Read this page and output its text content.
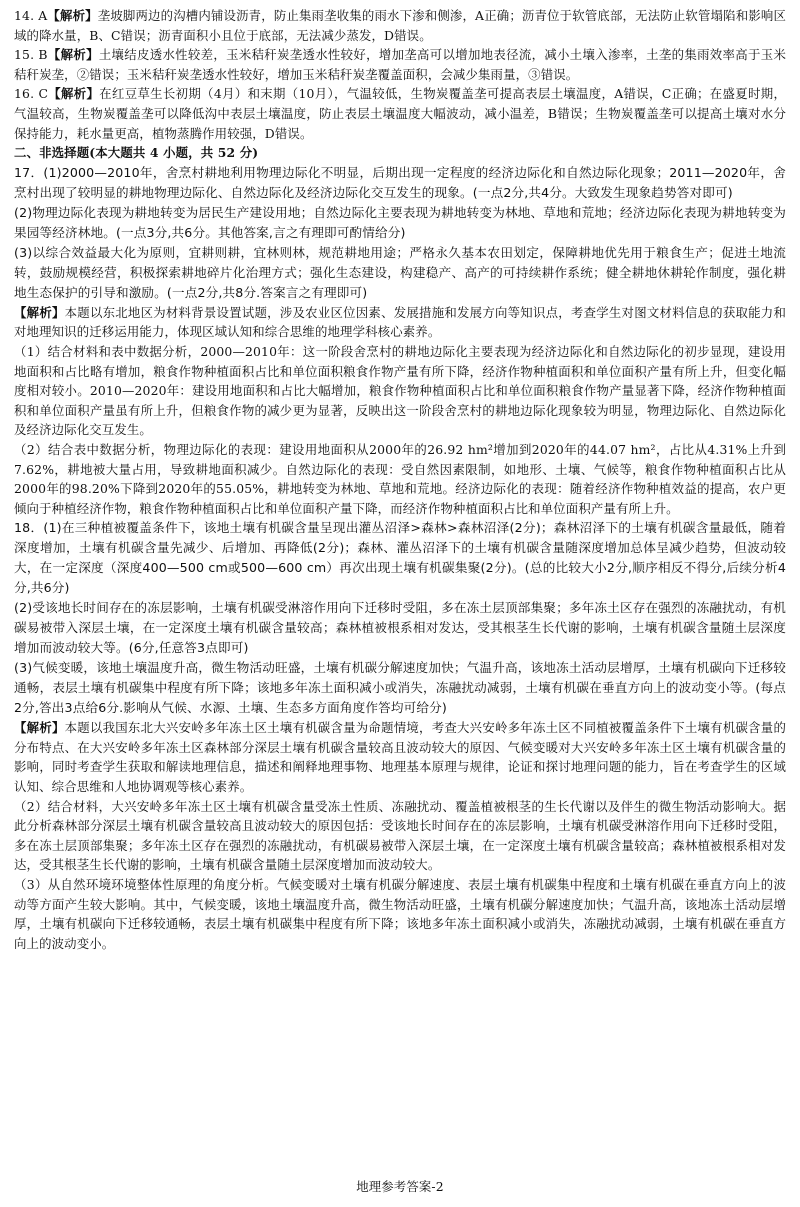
14. A【解析】垄坡脚两边的沟槽内铺设沥青，防止集雨垄收集的雨水下渗和侧渗，A正确；沥青位于软管底部，无法防止软管塌陷和影响区域的降水量，B、C错误；沥青面积小且位于底部，无法减少蒸发，D错误。

15. B【解析】土壤结皮透水性较差，玉米秸秆炭垄透水性较好，增加垄高可以增加地表径流，减小土壤入渗率，土垄的集雨效率高于玉米秸秆炭垄，②错误；玉米秸秆炭垄透水性较好，增加玉米秸秆炭垄覆盖面积，会减少集雨量，③错误。

16. C【解析】在红豆草生长初期（4月）和末期（10月），气温较低，生物炭覆盖垄可提高表层土壤温度，A错误，C正确；在盛夏时期，气温较高，生物炭覆盖垄可以降低沟中表层土壤温度，防止表层土壤温度大幅波动，减小温差，B错误；生物炭覆盖垄可以提高土壤对水分保持能力，耗水量更高，植物蒸腾作用较强，D错误。

二、非选择题(本大题共 4 小题，共 52 分)

17．(1)2000—2010年，舍烹村耕地利用物理边际化不明显，后期出现一定程度的经济边际化和自然边际化现象；2011—2020年，舍烹村出现了较明显的耕地物理边际化、自然边际化及经济边际化交互发生的现象。(一点2分,共4分。大致发生现象趋势答对即可)

(2)物理边际化表现为耕地转变为居民生产建设用地；自然边际化主要表现为耕地转变为林地、草地和荒地；经济边际化表现为耕地转变为果园等经济林地。(一点3分,共6分。其他答案,言之有理即可酌情给分)

(3)以综合效益最大化为原则，宜耕则耕，宜林则林，规范耕地用途；严格永久基本农田划定，保障耕地优先用于粮食生产；促进土地流转，鼓励规模经营，积极探索耕地碎片化治理方式；强化生态建设，构建稳产、高产的可持续耕作系统；健全耕地休耕轮作制度，强化耕地生态保护的引导和激励。(一点2分,共8分.答案言之有理即可)

【解析】本题以东北地区为材料背景设置试题，涉及农业区位因素、发展措施和发展方向等知识点，考查学生对图文材料信息的获取能力和对地理知识的迁移运用能力，体现区域认知和综合思维的地理学科核心素养。

（1）结合材料和表中数据分析，2000—2010年：这一阶段舍烹村的耕地边际化主要表现为经济边际化和自然边际化的初步显现，建设用地面积和占比略有增加，粮食作物种植面积占比和单位面积粮食作物产量有所下降，经济作物种植面积和单位面积产量有所上升，但变化幅度相对较小。2010—2020年：建设用地面积和占比大幅增加，粮食作物种植面积占比和单位面积粮食作物产量显著下降，经济作物种植面积和单位面积产量虽有所上升，但粮食作物的减少更为显著，反映出这一阶段舍烹村的耕地边际化现象较为明显，物理边际化、自然边际化及经济边际化交互发生。

（2）结合表中数据分析，物理边际化的表现：建设用地面积从2000年的26.92 hm²增加到2020年的44.07 hm²，占比从4.31%上升到7.62%，耕地被大量占用，导致耕地面积减少。自然边际化的表现：受自然因素限制，如地形、土壤、气候等，粮食作物种植面积占比从2000年的98.20%下降到2020年的55.05%，耕地转变为林地、草地和荒地。经济边际化的表现：随着经济作物种植效益的提高，农户更倾向于种植经济作物，粮食作物种植面积占比和单位面积产量下降，而经济作物种植面积占比和单位面积产量有所上升。

18．(1)在三种植被覆盖条件下，该地土壤有机碳含量呈现出灌丛沼泽>森林>森林沼泽(2分)；森林沼泽下的土壤有机碳含量最低，随着深度增加，土壤有机碳含量先减少、后增加、再降低(2分)；森林、灌丛沼泽下的土壤有机碳含量随深度增加总体呈减少趋势，但波动较大，在一定深度（深度400—500 cm或500—600 cm）再次出现土壤有机碳集聚(2分)。(总的比较大小2分,顺序相反不得分,后续分析4分,共6分)

(2)受该地长时间存在的冻层影响，土壤有机碳受淋溶作用向下迁移时受阻，多在冻土层顶部集聚；多年冻土区存在强烈的冻融扰动，有机碳易被带入深层土壤，在一定深度土壤有机碳含量较高；森林植被根系相对发达，受其根茎生长代谢的影响，土壤有机碳含量随土层深度增加而波动较大等。(6分,任意答3点即可)

(3)气候变暖，该地土壤温度升高，微生物活动旺盛，土壤有机碳分解速度加快；气温升高，该地冻土活动层增厚，土壤有机碳向下迁移较通畅，表层土壤有机碳集中程度有所下降；该地多年冻土面积减小或消失，冻融扰动减弱，土壤有机碳在垂直方向上的波动变小等。(每点2分,答出3点给6分.影响从气候、水源、土壤、生态多方面角度作答均可给分)

【解析】本题以我国东北大兴安岭多年冻土区土壤有机碳含量为命题情境，考查大兴安岭多年冻土区不同植被覆盖条件下土壤有机碳含量的分布特点、在大兴安岭多年冻土区森林部分深层土壤有机碳含量较高且波动较大的原因、气候变暖对大兴安岭多年冻土区土壤有机碳含量的影响，同时考查学生获取和解读地理信息，描述和阐释地理事物、地理基本原理与规律，论证和探讨地理问题的能力，旨在考查学生的区域认知、综合思维和人地协调观等核心素养。

（2）结合材料，大兴安岭多年冻土区土壤有机碳含量受冻土性质、冻融扰动、覆盖植被根茎的生长代谢以及伴生的微生物活动影响大。据此分析森林部分深层土壤有机碳含量较高且波动较大的原因包括：受该地长时间存在的冻层影响，土壤有机碳受淋溶作用向下迁移时受阻，多在冻土层顶部集聚；多年冻土区存在强烈的冻融扰动，有机碳易被带入深层土壤，在一定深度土壤有机碳含量较高；森林植被根系相对发达，受其根茎生长代谢的影响，土壤有机碳含量随土层深度增加而波动较大。

（3）从自然环境环境整体性原理的角度分析。气候变暖对土壤有机碳分解速度、表层土壤有机碳集中程度和土壤有机碳在垂直方向上的波动等方面产生较大影响。其中，气候变暖，该地土壤温度升高，微生物活动旺盛，土壤有机碳分解速度加快；气温升高，该地冻土活动层增厚，土壤有机碳向下迁移较通畅，表层土壤有机碳集中程度有所下降；该地多年冻土面积减小或消失，冻融扰动减弱，土壤有机碳在垂直方向上的波动变小。

地理参考答案-2
